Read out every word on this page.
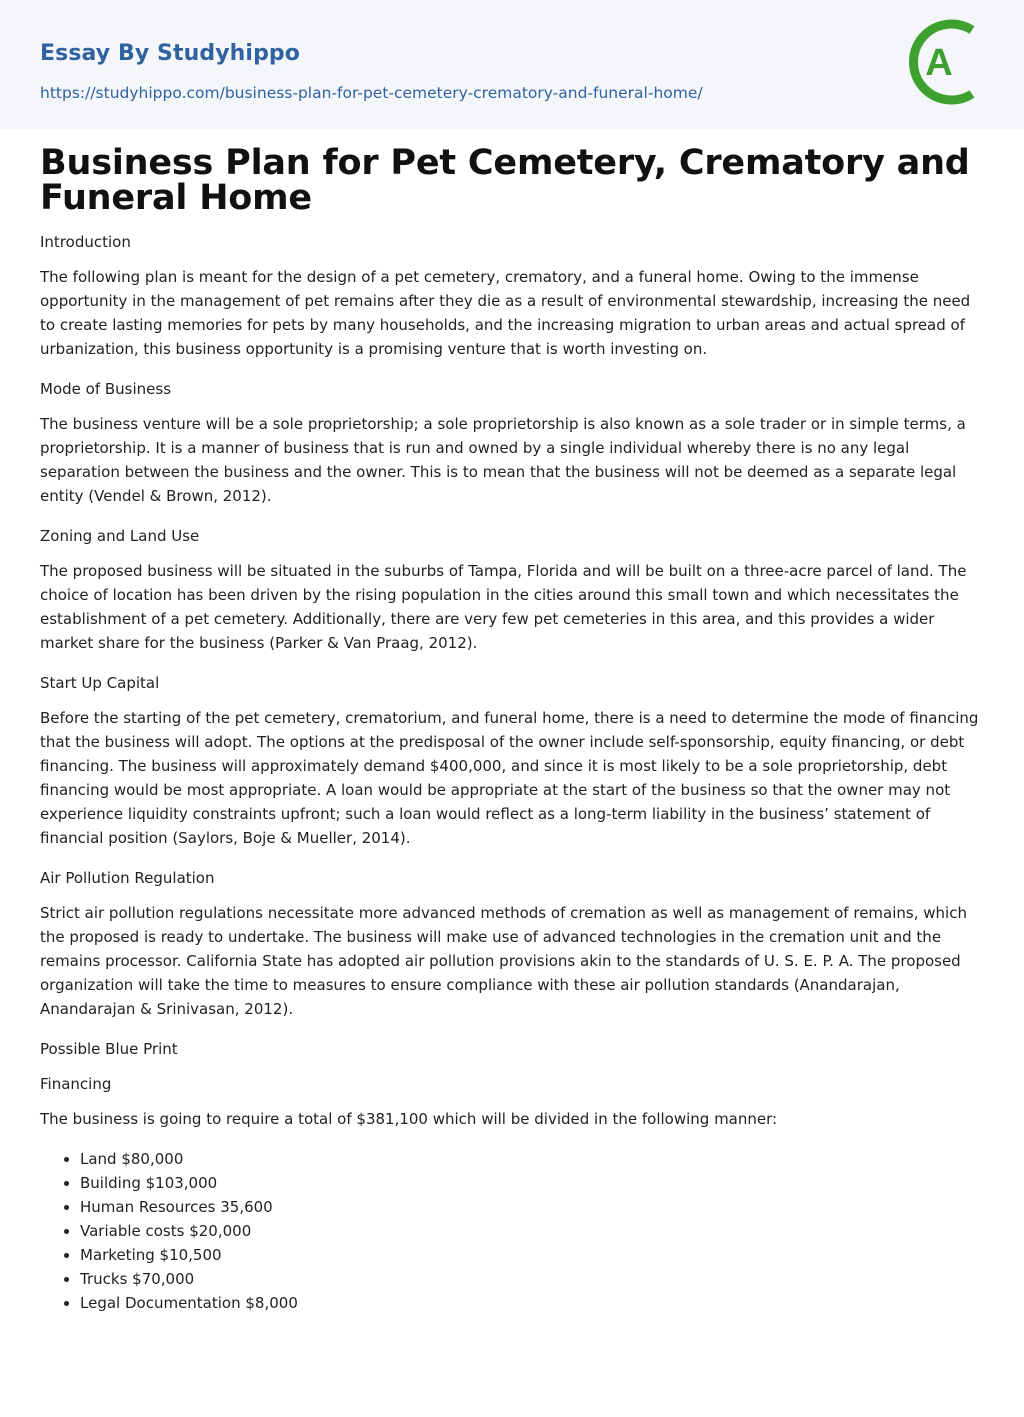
Essay By Studyhippo
https://studyhippo.com/business-plan-for-pet-cemetery-crematory-and-funeral-home/
A
Business Plan for Pet Cemetery, Crematory and Funeral Home
Introduction

The following plan is meant for the design of a pet cemetery, crematory, and a funeral home. Owing to the immense opportunity in the management of pet remains after they die as a result of environmental stewardship, increasing the need to create lasting memories for pets by many households, and the increasing migration to urban areas and actual spread of urbanization, this business opportunity is a promising venture that is worth investing on.

Mode of Business

The business venture will be a sole proprietorship; a sole proprietorship is also known as a sole trader or in simple terms, a proprietorship. It is a manner of business that is run and owned by a single individual whereby there is no any legal separation between the business and the owner. This is to mean that the business will not be deemed as a separate legal entity (Vendel & Brown, 2012).

Zoning and Land Use

The proposed business will be situated in the suburbs of Tampa, Florida and will be built on a three-acre parcel of land. The choice of location has been driven by the rising population in the cities around this small town and which necessitates the establishment of a pet cemetery. Additionally, there are very few pet cemeteries in this area, and this provides a wider market share for the business (Parker & Van Praag, 2012).

Start Up Capital

Before the starting of the pet cemetery, crematorium, and funeral home, there is a need to determine the mode of financing that the business will adopt. The options at the predisposal of the owner include self-sponsorship, equity financing, or debt financing. The business will approximately demand $400,000, and since it is most likely to be a sole proprietorship, debt financing would be most appropriate. A loan would be appropriate at the start of the business so that the owner may not experience liquidity constraints upfront; such a loan would reflect as a long-term liability in the business’ statement of financial position (Saylors, Boje & Mueller, 2014).

Air Pollution Regulation

Strict air pollution regulations necessitate more advanced methods of cremation as well as management of remains, which the proposed is ready to undertake. The business will make use of advanced technologies in the cremation unit and the remains processor. California State has adopted air pollution provisions akin to the standards of U. S. E. P. A. The proposed organization will take the time to measures to ensure compliance with these air pollution standards (Anandarajan, Anandarajan & Srinivasan, 2012).

Possible Blue Print
Financing

The business is going to require a total of $381,100 which will be divided in the following manner:

• Land $80,000
• Building $103,000
• Human Resources 35,600
• Variable costs $20,000
• Marketing $10,500
• Trucks $70,000
• Legal Documentation $8,000
